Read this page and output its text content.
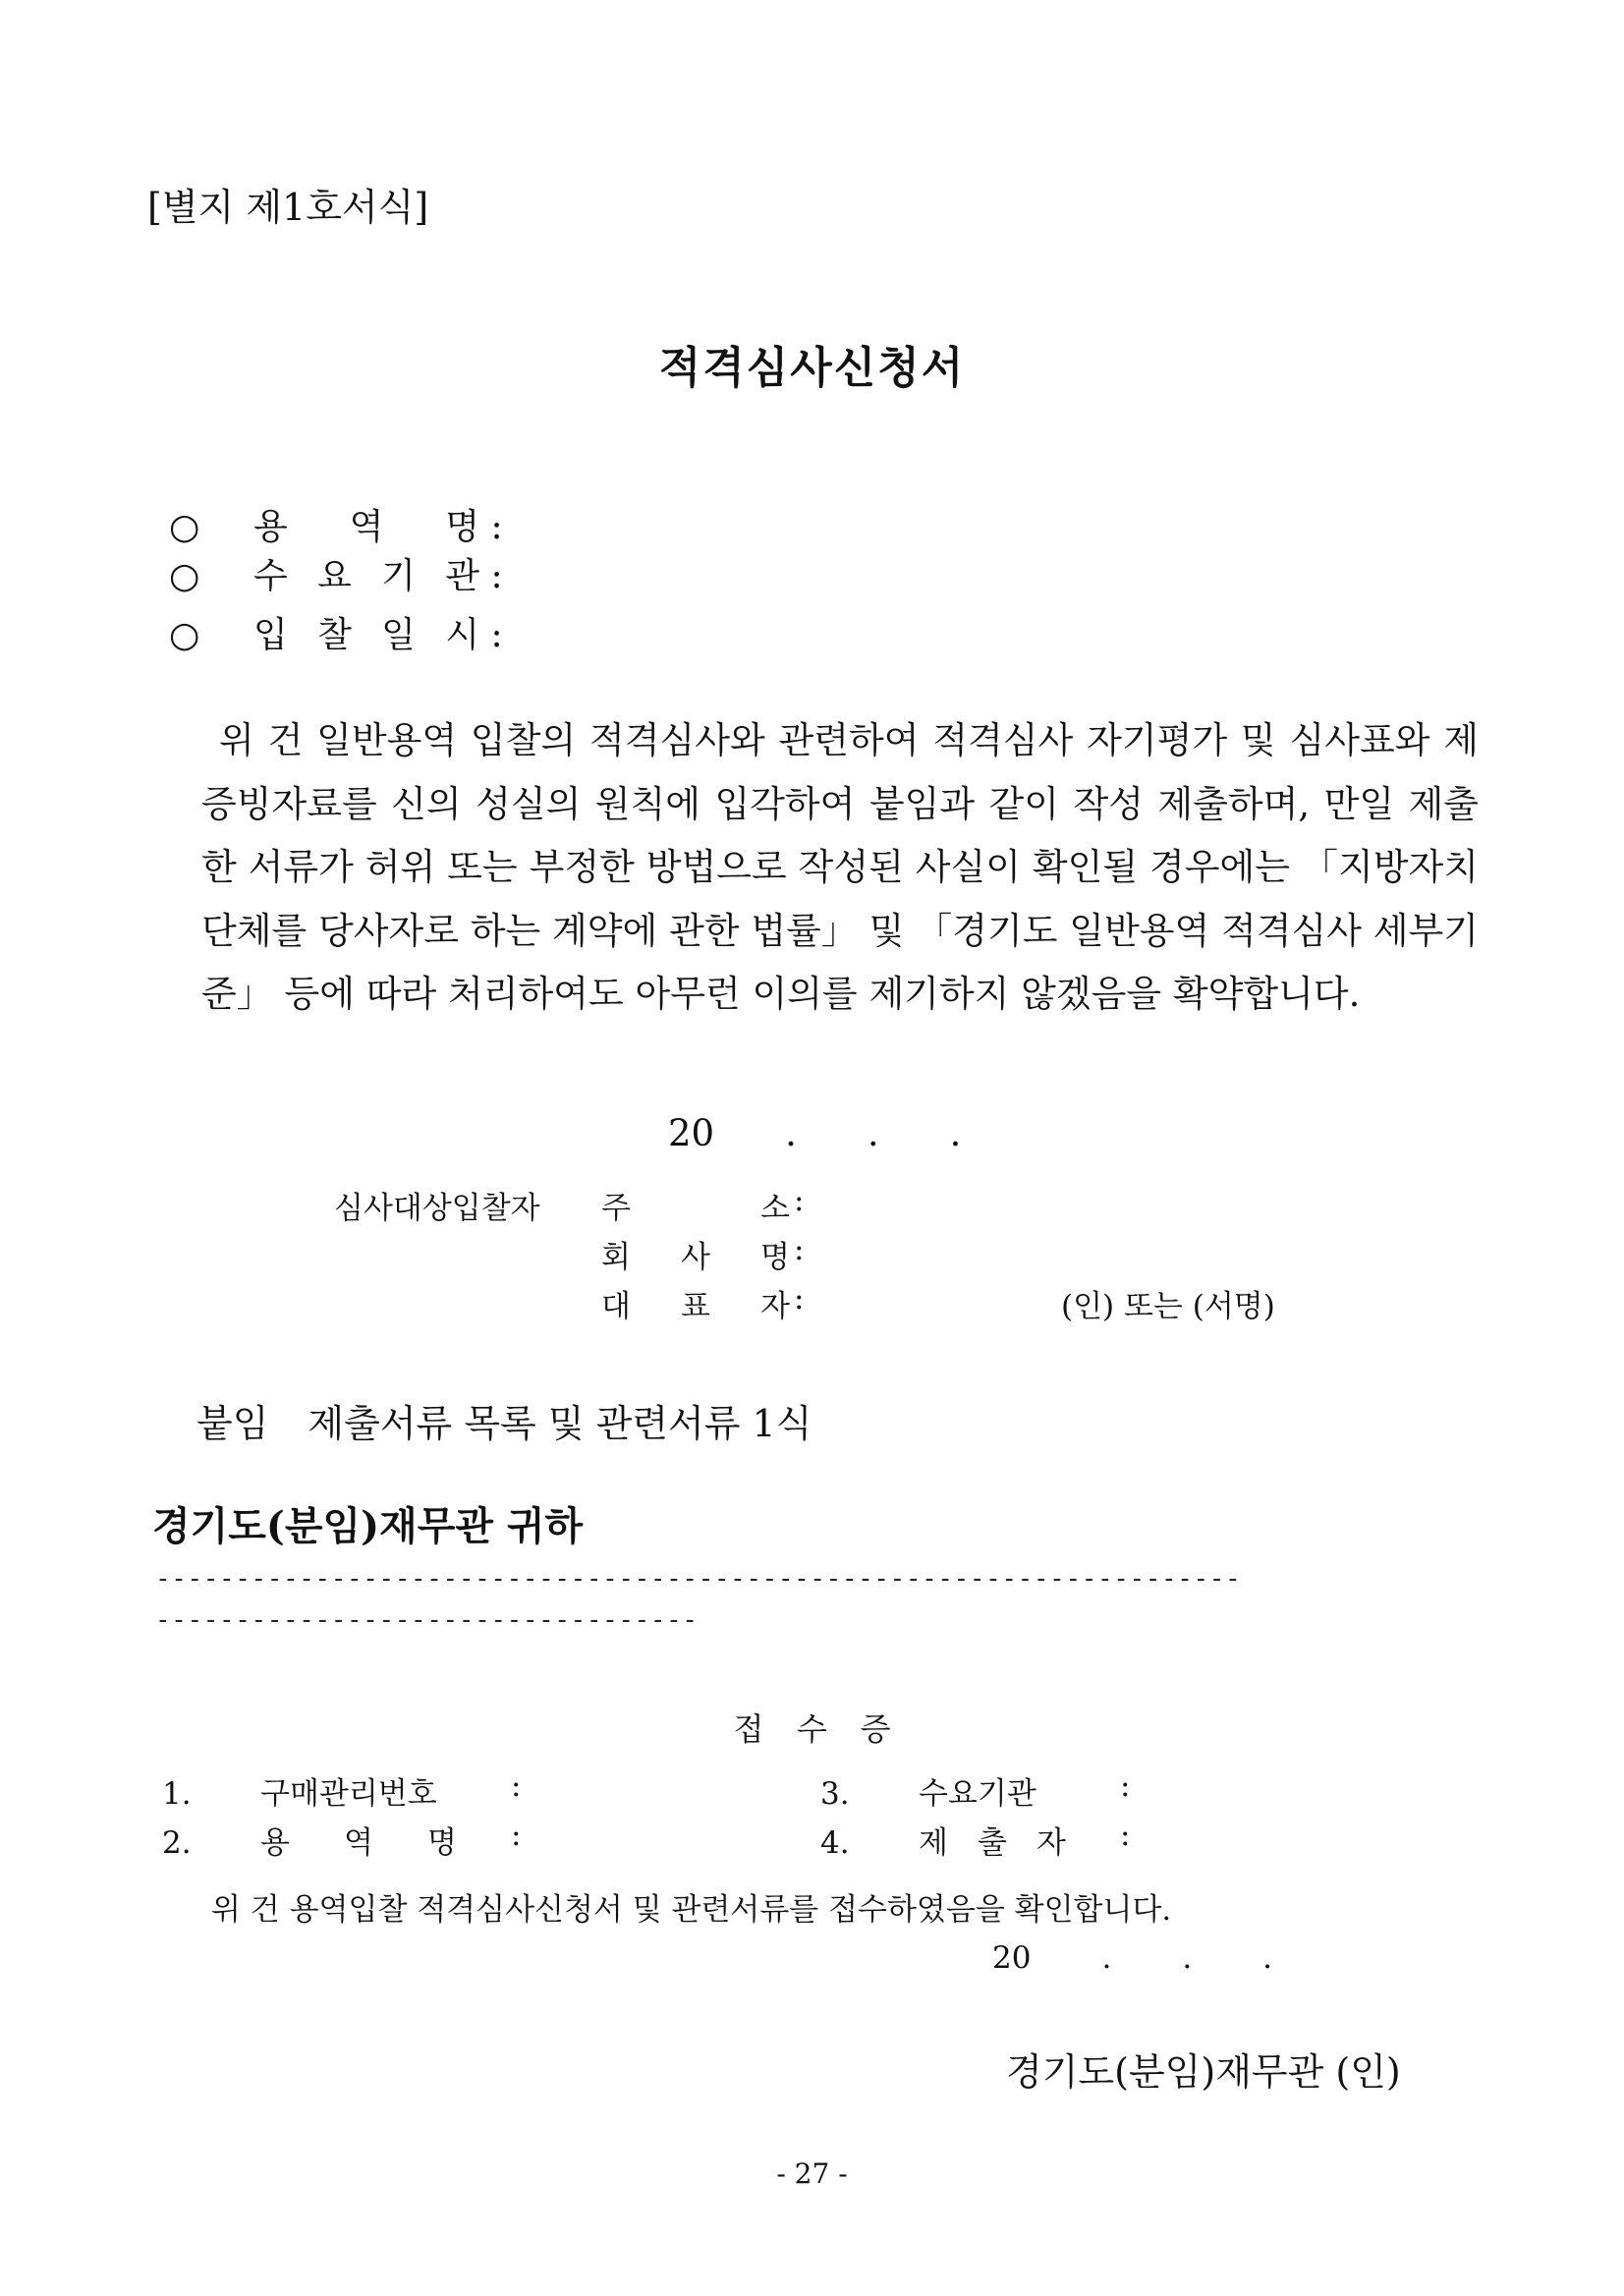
[별지 제1호서식]
적격심사신청서
○ 용 역 명 :
○ 수 요 기 관 :
○ 입 찰 일 시 :
위 건 일반용역 입찰의 적격심사와 관련하여 적격심사 자기평가 및 심사표와 제 증빙자료를 신의 성실의 원칙에 입각하여 붙임과 같이 작성 제출하며, 만일 제출한 서류가 허위 또는 부정한 방법으로 작성된 사실이 확인될 경우에는 「지방자치단체를 당사자로 하는 계약에 관한 법률」 및 「경기도 일반용역 적격심사 세부기준」 등에 따라 처리하여도 아무런 이의를 제기하지 않겠음을 확약합니다.
20 . . .
심사대상입찰자 주	소
회 사 명
대 표 자
:
:
:	(인) 또는 (서명)
붙임 제출서류 목록 및 관련서류 1식
경기도(분임)재무관 귀하
--------------------------------------------------------------------
----------------------------------
접 수 증
1. 구매관리번호
2. 용 역 명
3. 수요기관
4. 제 출 자
:
:
:
:
위 건 용역입찰 적격심사신청서 및 관련서류를 접수하였음을 확인합니다.
20 . . .
경기도(분임)재무관 (인)
- 27 -
